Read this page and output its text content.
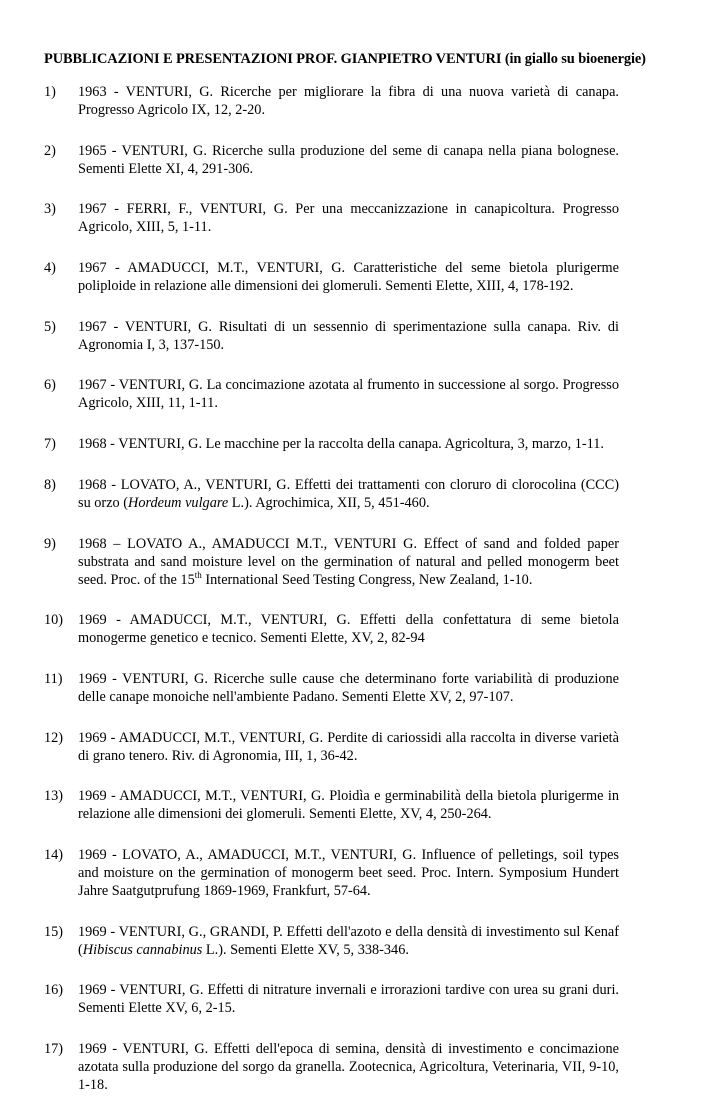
PUBBLICAZIONI E PRESENTAZIONI PROF. GIANPIETRO VENTURI (in giallo su bioenergie)
1) 1963 - VENTURI, G. Ricerche per migliorare la fibra di una nuova varietà di canapa. Progresso Agricolo IX, 12, 2-20.
2) 1965 - VENTURI, G. Ricerche sulla produzione del seme di canapa nella piana bolognese. Sementi Elette XI, 4, 291-306.
3) 1967 - FERRI, F., VENTURI, G. Per una meccanizzazione in canapicoltura. Progresso Agricolo, XIII, 5, 1-11.
4) 1967 - AMADUCCI, M.T., VENTURI, G. Caratteristiche del seme bietola plurigerme poliploide in relazione alle dimensioni dei glomeruli. Sementi Elette, XIII, 4, 178-192.
5) 1967 - VENTURI, G. Risultati di un sessennio di sperimentazione sulla canapa. Riv. di Agronomia I, 3, 137-150.
6) 1967 - VENTURI, G. La concimazione azotata al frumento in successione al sorgo. Progresso Agricolo, XIII, 11, 1-11.
7) 1968 - VENTURI, G. Le macchine per la raccolta della canapa. Agricoltura, 3, marzo, 1-11.
8) 1968 - LOVATO, A., VENTURI, G. Effetti dei trattamenti con cloruro di clorocolina (CCC) su orzo (Hordeum vulgare L.). Agrochimica, XII, 5, 451-460.
9) 1968 – LOVATO A., AMADUCCI M.T., VENTURI G. Effect of sand and folded paper substrata and sand moisture level on the germination of natural and pelled monogerm beet seed. Proc. of the 15th International Seed Testing Congress, New Zealand, 1-10.
10) 1969 - AMADUCCI, M.T., VENTURI, G. Effetti della confettatura di seme bietola monogerme genetico e tecnico. Sementi Elette, XV, 2, 82-94
11) 1969 - VENTURI, G. Ricerche sulle cause che determinano forte variabilità di produzione delle canape monoiche nell'ambiente Padano. Sementi Elette XV, 2, 97-107.
12) 1969 - AMADUCCI, M.T., VENTURI, G. Perdite di cariossidi alla raccolta in diverse varietà di grano tenero. Riv. di Agronomia, III, 1, 36-42.
13) 1969 - AMADUCCI, M.T., VENTURI, G. Ploidìa e germinabilità della bietola plurigerme in relazione alle dimensioni dei glomeruli. Sementi Elette, XV, 4, 250-264.
14) 1969 - LOVATO, A., AMADUCCI, M.T., VENTURI, G. Influence of pelletings, soil types and moisture on the germination of monogerm beet seed. Proc. Intern. Symposium Hundert Jahre Saatgutprufung 1869-1969, Frankfurt, 57-64.
15) 1969 - VENTURI, G., GRANDI, P. Effetti dell'azoto e della densità di investimento sul Kenaf (Hibiscus cannabinus L.). Sementi Elette XV, 5, 338-346.
16) 1969 - VENTURI, G. Effetti di nitrature invernali e irrorazioni tardive con urea su grani duri. Sementi Elette XV, 6, 2-15.
17) 1969 - VENTURI, G. Effetti dell'epoca di semina, densità di investimento e concimazione azotata sulla produzione del sorgo da granella. Zootecnica, Agricoltura, Veterinaria, VII, 9-10, 1-18.
